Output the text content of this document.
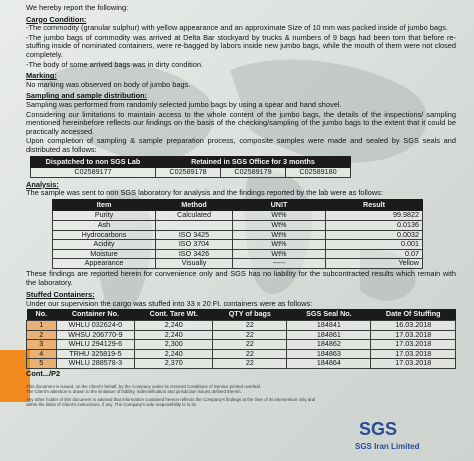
We hereby report the following:

Cargo Condition:

-The commodity (granular sulphur) with yellow appearance and an approximate Size of 10 mm was packed inside of jumbo bags.

-The jumbo bags of commodity was arrived at Delta Bar stockyard by trucks & numbers of 9 bags had been torn that before re-stuffing inside of nominated containers, were re-bagged by labors inside new jumbo bags, while the mouth of them were not closed completely.

-The body of some arrived bags was in dirty condition.

Marking:

No marking was observed on body of jumbo bags.

Sampling and sample distribution:

Sampling was performed from randomly selected jumbo bags by using a spear and hand shovel.

Considering our limitations to maintain access to the whole content of the jumbo bags, the details of the inspections/ sampling mentioned hereinbefore reflects our findings on the basis of the checking/sampling of the jumbo bags to the extent that it could be practically accessed.

Upon completion of sampling & sample preparation process, composite samples were made and sealed by SGS seals and distributed as follows:

Dispatched to non SGS Lab	Retained in SGS Office for 3 months		
C02589177	C02589178	C02589179	C02589180

Analysis:

The sample was sent to non SGS laboratory for analysis and the findings reported by the lab were as follows:

Item	Method	UNIT	Result
Purity	Calculated	Wt%	99.9822
Ash		Wt%	0.0136
Hydrocarbons	ISO 3425	Wt%	0.0032
Acidity	ISO 3704	Wt%	0.001
Moisture	ISO 3426	Wt%	0.07
Appearance	Visually	-----	Yellow

These findings are reported herein for convenience only and SGS has no liability for the subcontracted results which remain with the laboratory.

Stuffed Containers:

Under our supervision the cargo was stuffed into 33 x 20 Ft. containers were as follows:

No.	Container No.	Cont. Tare Wt.	QTY of bags	SGS Seal No.	Date Of Stuffing
1	WHLU 032624-0	2,240	22	184841	16.03.2018
2	WHSU 206770-9	2,240	22	184861	17.03.2018
3	WHLU 294129-6	2,300	22	184862	17.03.2018
4	TRHU 325819-5	2,240	22	184863	17.03.2018
5	WHLU 288578-3	2,370	22	184864	17.03.2018

Cont.../P2

This document is issued, on the Client's behalf, by the Company under its General Conditions of Service printed overleaf.

The Client's attention is drawn to the limitation of liability, indemnification and jurisdiction issues defined therein.

Any other holder of this document is advised that information contained hereon reflects the Company's findings at the time of its intervention only and within the limits of Client's instructions, if any. The Company's sole responsibility is to its

SGS
SGS Iran Limited
